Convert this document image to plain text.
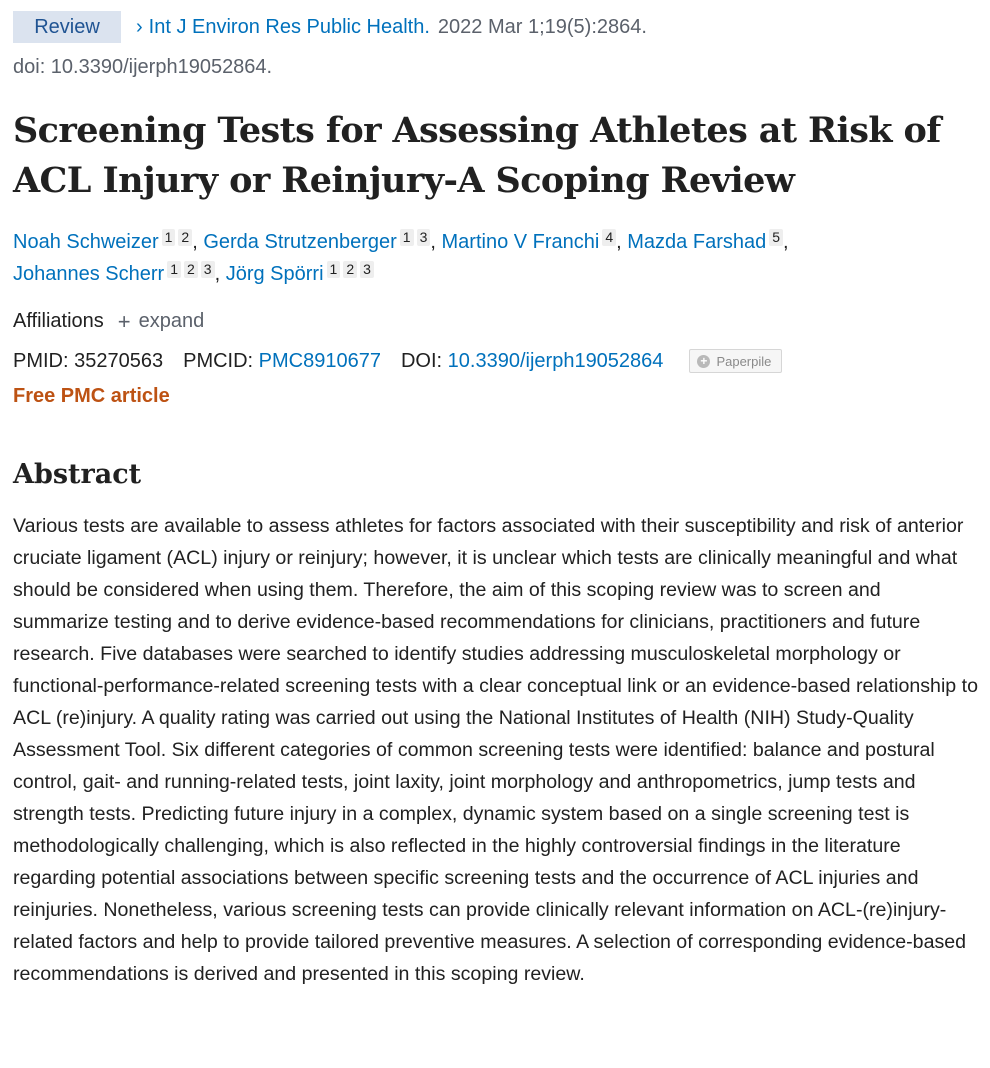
Review	› Int J Environ Res Public Health. 2022 Mar 1;19(5):2864.
doi: 10.3390/ijerph19052864.
Screening Tests for Assessing Athletes at Risk of ACL Injury or Reinjury-A Scoping Review
Noah Schweizer 1 2 , Gerda Strutzenberger 1 3 , Martino V Franchi 4 , Mazda Farshad 5 ,
Johannes Scherr 1 2 3 , Jörg Spörri 1 2 3
Affiliations + expand
PMID: 35270563 PMCID: PMC8910677 DOI: 10.3390/ijerph19052864	+ Paperpile
Free PMC article
Abstract

Various tests are available to assess athletes for factors associated with their susceptibility and risk of anterior cruciate ligament (ACL) injury or reinjury; however, it is unclear which tests are clinically meaningful and what should be considered when using them. Therefore, the aim of this scoping review was to screen and summarize testing and to derive evidence-based recommendations for clinicians, practitioners and future research. Five databases were searched to identify studies addressing musculoskeletal morphology or functional-performance-related screening tests with a clear conceptual link or an evidence-based relationship to ACL (re)injury. A quality rating was carried out using the National Institutes of Health (NIH) Study-Quality Assessment Tool. Six different categories of common screening tests were identified: balance and postural control, gait- and running-related tests, joint laxity, joint morphology and anthropometrics, jump tests and strength tests. Predicting future injury in a complex, dynamic system based on a single screening test is methodologically challenging, which is also reflected in the highly controversial findings in the literature regarding potential associations between specific screening tests and the occurrence of ACL injuries and reinjuries. Nonetheless, various screening tests can provide clinically relevant information on ACL-(re)injury-related factors and help to provide tailored preventive measures. A selection of corresponding evidence-based recommendations is derived and presented in this scoping review.
